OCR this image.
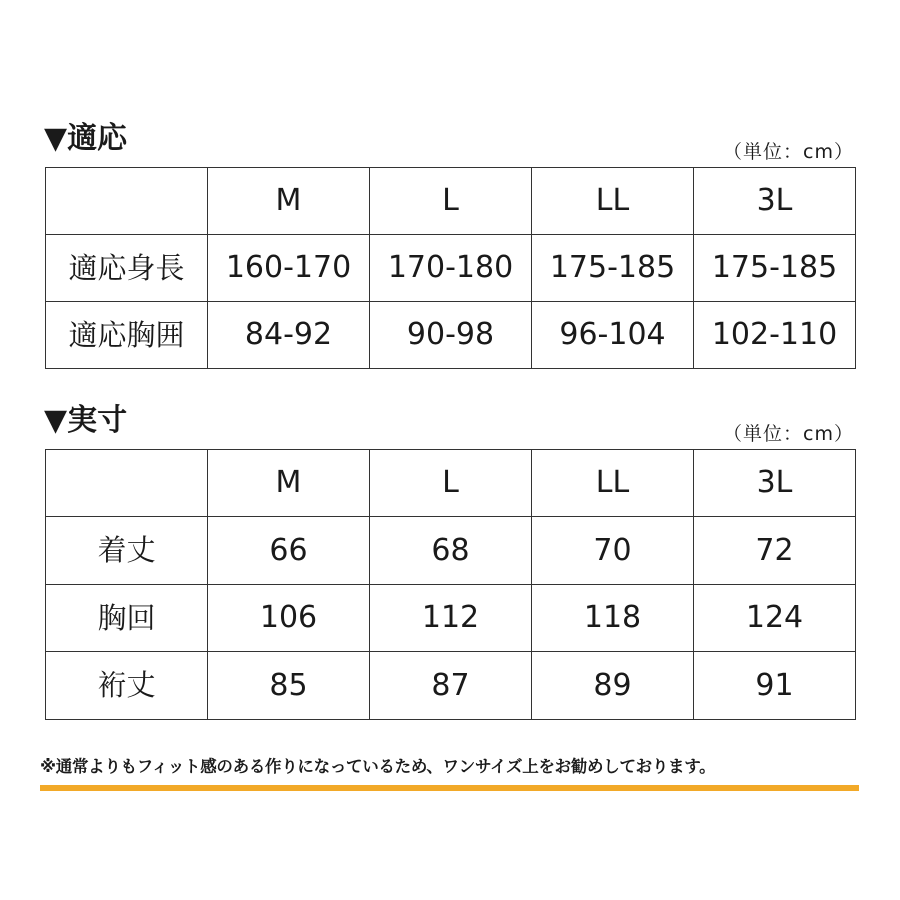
▼適応	（単位：cm）
	M	L	LL	3L
適応身長	160-170	170-180	175-185	175-185
適応胸囲	84-92	90-98	96-104	102-110
▼実寸	（単位：cm）
	M	L	LL	3L
着丈	66	68	70	72
胸回	106	112	118	124
裄丈	85	87	89	91
※通常よりもフィット感のある作りになっているため、ワンサイズ上をお勧めしております。
